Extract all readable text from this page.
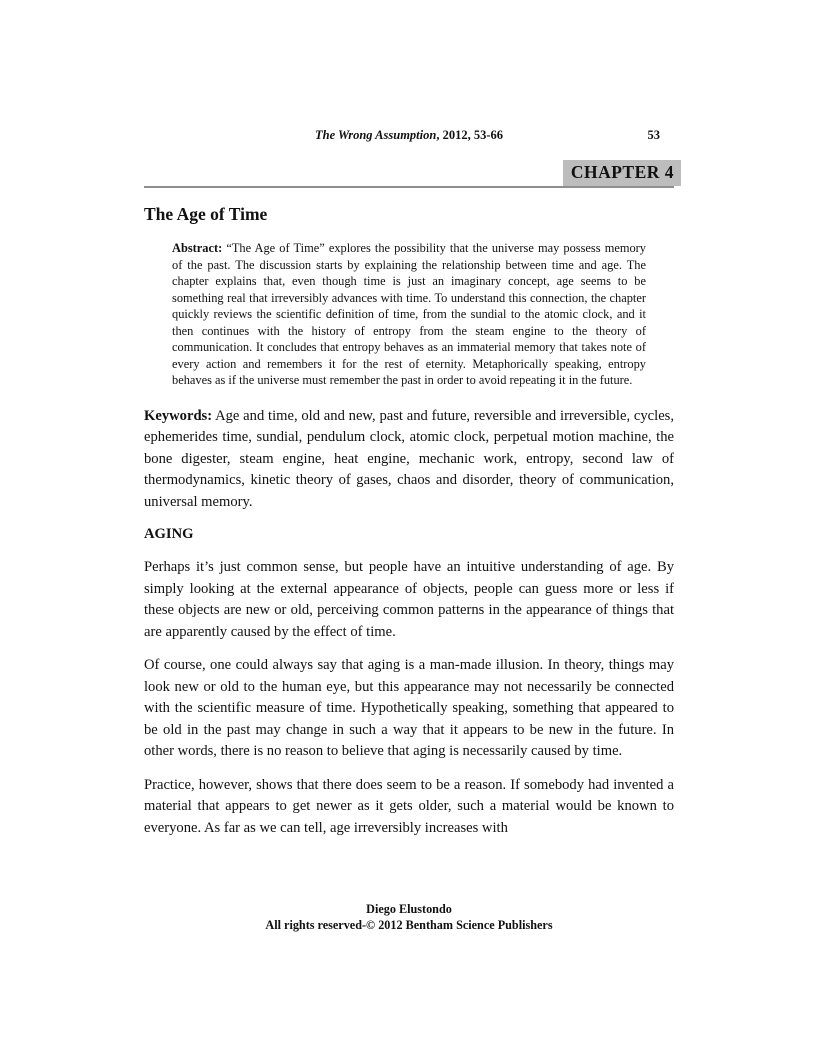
The Wrong Assumption, 2012, 53-66	53
CHAPTER 4
The Age of Time

Abstract: “The Age of Time” explores the possibility that the universe may possess memory of the past. The discussion starts by explaining the relationship between time and age. The chapter explains that, even though time is just an imaginary concept, age seems to be something real that irreversibly advances with time. To understand this connection, the chapter quickly reviews the scientific definition of time, from the sundial to the atomic clock, and it then continues with the history of entropy from the steam engine to the theory of communication. It concludes that entropy behaves as an immaterial memory that takes note of every action and remembers it for the rest of eternity. Metaphorically speaking, entropy behaves as if the universe must remember the past in order to avoid repeating it in the future.

Keywords: Age and time, old and new, past and future, reversible and irreversible, cycles, ephemerides time, sundial, pendulum clock, atomic clock, perpetual motion machine, the bone digester, steam engine, heat engine, mechanic work, entropy, second law of thermodynamics, kinetic theory of gases, chaos and disorder, theory of communication, universal memory.

AGING

Perhaps it’s just common sense, but people have an intuitive understanding of age. By simply looking at the external appearance of objects, people can guess more or less if these objects are new or old, perceiving common patterns in the appearance of things that are apparently caused by the effect of time.

Of course, one could always say that aging is a man-made illusion. In theory, things may look new or old to the human eye, but this appearance may not necessarily be connected with the scientific measure of time. Hypothetically speaking, something that appeared to be old in the past may change in such a way that it appears to be new in the future. In other words, there is no reason to believe that aging is necessarily caused by time.

Practice, however, shows that there does seem to be a reason. If somebody had invented a material that appears to get newer as it gets older, such a material would be known to everyone. As far as we can tell, age irreversibly increases with

Diego Elustondo
All rights reserved-© 2012 Bentham Science Publishers
